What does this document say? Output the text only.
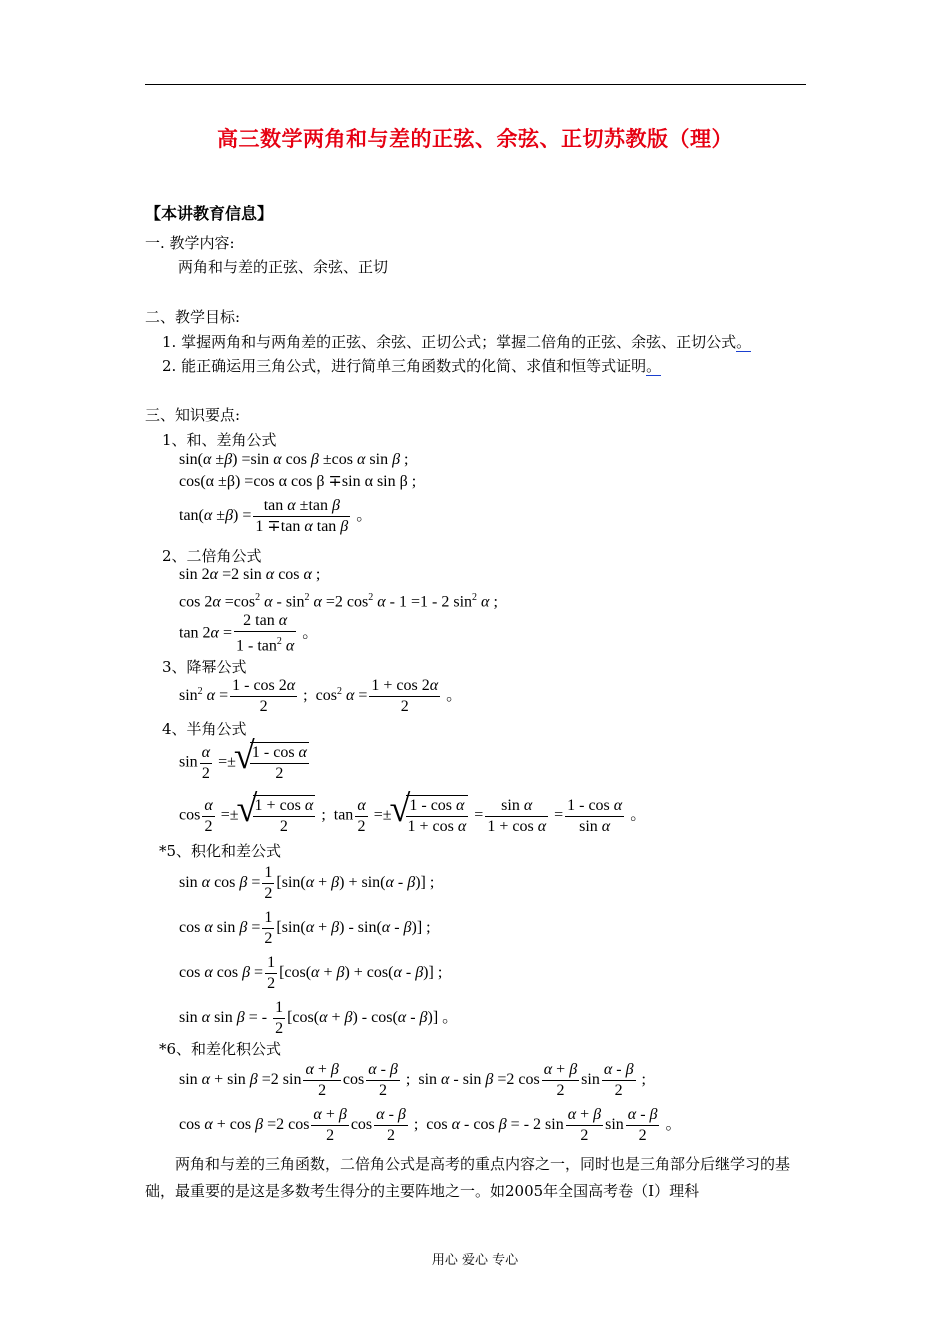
高三数学两角和与差的正弦、余弦、正切苏教版（理）
【本讲教育信息】
一. 教学内容:
两角和与差的正弦、余弦、正切
二、教学目标:
1. 掌握两角和与两角差的正弦、余弦、正切公式；掌握二倍角的正弦、余弦、正切公式。
2. 能正确运用三角公式，进行简单三角函数式的化简、求值和恒等式证明。
三、知识要点:
1、和、差角公式
sin(α ±β) =sin α cos β ±cos α sin β ;
cos(α ±β) =cos α cos β ∓sin α sin β ;
$\tan(\alpha \pm\beta) = \frac{\text{tan α ±tan β}}{\text{1 ∓tan α tan β}}$ 。
2、二倍角公式
sin 2α =2 sin α cos α ;
$\cos 2\alpha =\cos^2$ $\alpha - \sin^2 \alpha =2$ $\cos^2 \alpha - 1 =1 - 2$ $\sin^2 \alpha$ ;
$\tan 2\alpha = \frac{\text{2 tan α}}{1 - \tan^2 \alpha}$ 。
3、降幂公式
$\sin^2 \alpha = \frac{1 - \cos 2\alpha}{2}$ ;  $\cos^2 \alpha = \frac{1 + \cos 2\alpha}{2}$ 。
4、半角公式
$\sin \frac{\alpha}{2}$ =± √ $\frac{\text{1 - cos α}}{2}$
$\cos \frac{\alpha}{2}$ =± √ $\frac{\text{1 + cos α}}{2}$ ;  $\tan \frac{\alpha}{2}$ =± √ $\frac{\text{1 - cos α}}{\text{1 + cos α}} = \frac{\text{sin α}}{\text{1 + cos α}} = \frac{\text{1 - cos α}}{\text{sin α}}$ 。
*5、积化和差公式
sin α $\cos \beta = \frac{1}{2} [\sin(\alpha + \beta) + \sin(\alpha - \beta)]$ ;
cos α $\sin \beta = \frac{1}{2} [\sin(\alpha + \beta) - \sin(\alpha - \beta)]$ ;
cos α $\cos \beta = \frac{1}{2} [\cos(\alpha + \beta) + \cos(\alpha - \beta)]$ ;
sin α sin β = - $\frac{1}{2} [\cos(\alpha + \beta) - \cos(\alpha - \beta)]$ 。
*6、和差化积公式
sin α + sin β =2 $\sin \frac{\alpha + \beta}{2}$ $\cos \frac{\alpha - \beta}{2}$ ;  sin α - sin β =2 $\cos \frac{\alpha + \beta}{2}$ $\sin \frac{\alpha - \beta}{2}$ ;
cos α + cos β =2 $\cos \frac{\alpha + \beta}{2}$ $\cos \frac{\alpha - \beta}{2}$ ;  cos α - cos β = - 2 $\sin \frac{\alpha + \beta}{2}$ $\sin \frac{\alpha - \beta}{2}$ 。
两角和与差的三角函数，二倍角公式是高考的重点内容之一，同时也是三角部分后继学习的基础，最重要的是这是多数考生得分的主要阵地之一。如2005年全国高考卷（Ⅰ）理科
用心 爱心 专心
